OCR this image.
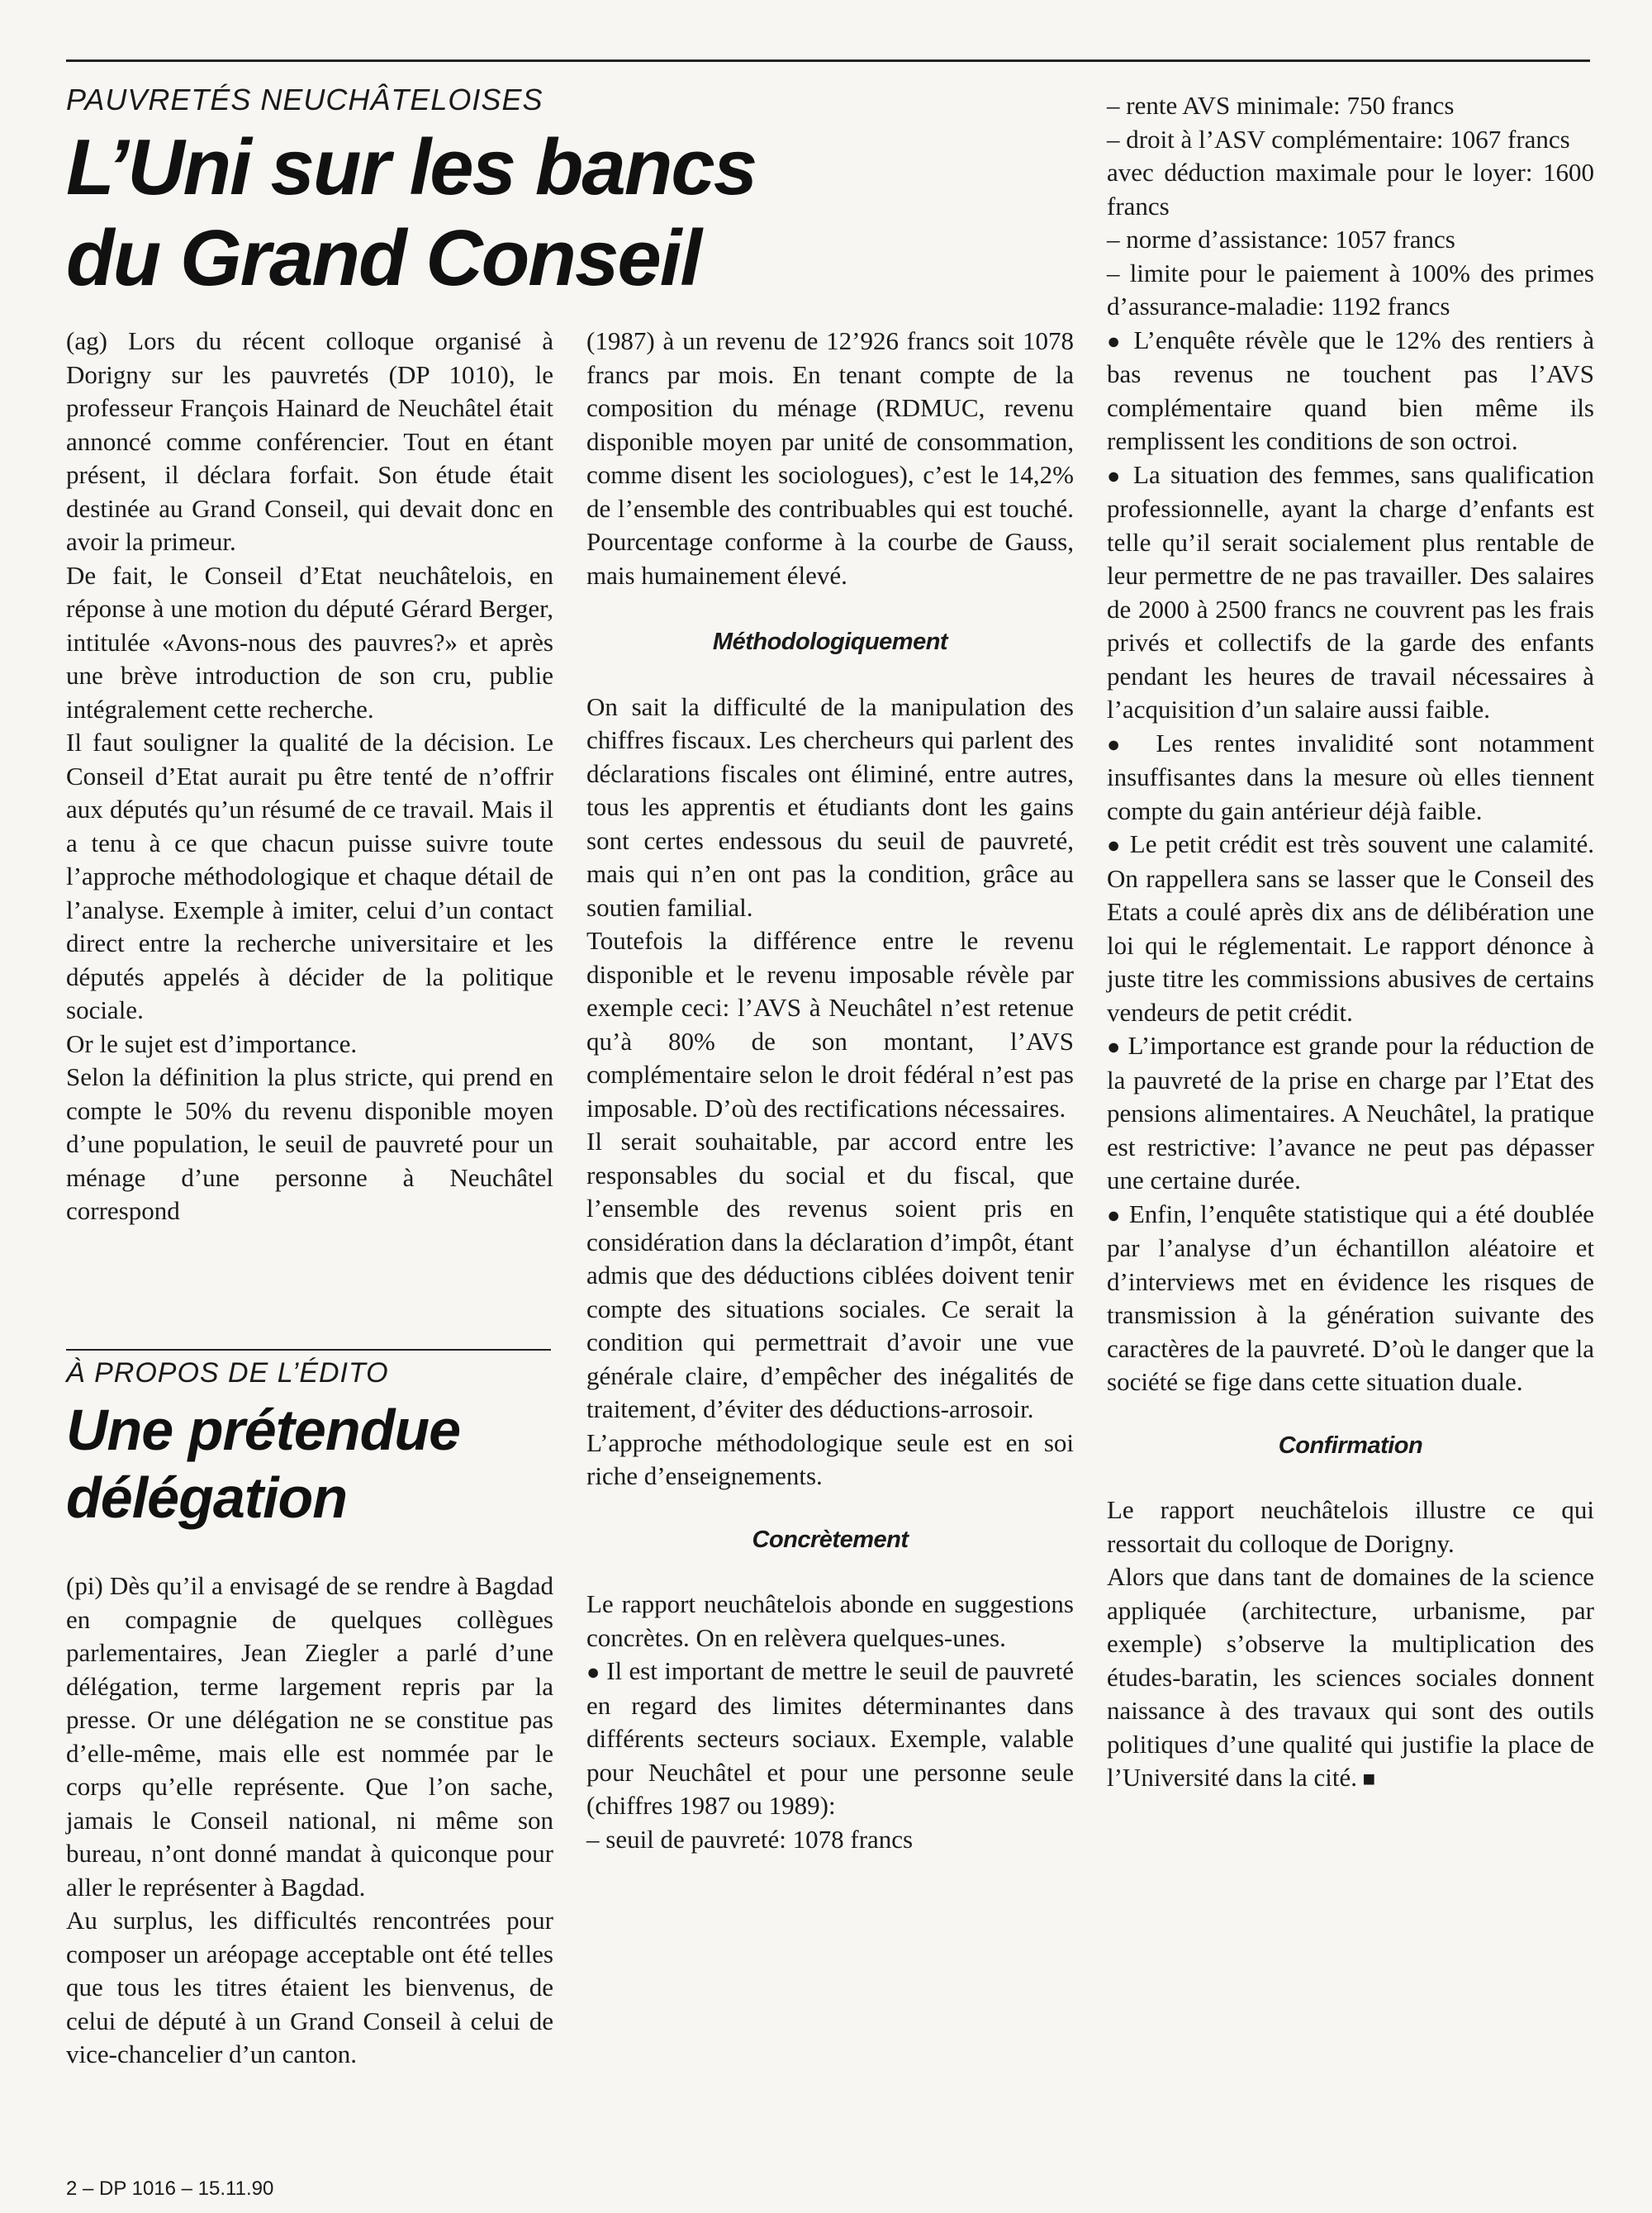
PAUVRETÉS NEUCHÂTELOISES

L’Uni sur les bancs
du Grand Conseil

(ag) Lors du récent colloque organisé à Dorigny sur les pauvretés (DP 1010), le professeur François Hainard de Neuchâtel était annoncé comme conférencier. Tout en étant présent, il déclara forfait. Son étude était destinée au Grand Conseil, qui devait donc en avoir la primeur.

De fait, le Conseil d’Etat neuchâtelois, en réponse à une motion du député Gérard Berger, intitulée «Avons-nous des pauvres?» et après une brève introduction de son cru, publie intégralement cette recherche.

Il faut souligner la qualité de la décision. Le Conseil d’Etat aurait pu être tenté de n’offrir aux députés qu’un résumé de ce travail. Mais il a tenu à ce que chacun puisse suivre toute l’approche méthodologique et chaque détail de l’analyse. Exemple à imiter, celui d’un contact direct entre la recherche universitaire et les députés appelés à décider de la politique sociale.

Or le sujet est d’importance.

Selon la définition la plus stricte, qui prend en compte le 50% du revenu disponible moyen d’une population, le seuil de pauvreté pour un ménage d’une personne à Neuchâtel correspond

À PROPOS DE L’ÉDITO

Une prétendue
délégation

(pi) Dès qu’il a envisagé de se rendre à Bagdad en compagnie de quelques collègues parlementaires, Jean Ziegler a parlé d’une délégation, terme largement repris par la presse. Or une délégation ne se constitue pas d’elle-même, mais elle est nommée par le corps qu’elle représente. Que l’on sache, jamais le Conseil national, ni même son bureau, n’ont donné mandat à quiconque pour aller le représenter à Bagdad.

Au surplus, les difficultés rencontrées pour composer un aréopage acceptable ont été telles que tous les titres étaient les bienvenus, de celui de député à un Grand Conseil à celui de vice-chancelier d’un canton.

(1987) à un revenu de 12’926 francs soit 1078 francs par mois. En tenant compte de la composition du ménage (RDMUC, revenu disponible moyen par unité de consommation, comme disent les sociologues), c’est le 14,2% de l’ensemble des contribuables qui est touché. Pourcentage conforme à la courbe de Gauss, mais humainement élevé.

Méthodologiquement

On sait la difficulté de la manipulation des chiffres fiscaux. Les chercheurs qui parlent des déclarations fiscales ont éliminé, entre autres, tous les apprentis et étudiants dont les gains sont certes endessous du seuil de pauvreté, mais qui n’en ont pas la condition, grâce au soutien familial.

Toutefois la différence entre le revenu disponible et le revenu imposable révèle par exemple ceci: l’AVS à Neuchâtel n’est retenue qu’à 80% de son montant, l’AVS complémentaire selon le droit fédéral n’est pas imposable. D’où des rectifications nécessaires.

Il serait souhaitable, par accord entre les responsables du social et du fiscal, que l’ensemble des revenus soient pris en considération dans la déclaration d’impôt, étant admis que des déductions ciblées doivent tenir compte des situations sociales. Ce serait la condition qui permettrait d’avoir une vue générale claire, d’empêcher des inégalités de traitement, d’éviter des déductions-arrosoir.

L’approche méthodologique seule est en soi riche d’enseignements.

Concrètement

Le rapport neuchâtelois abonde en suggestions concrètes. On en relèvera quelques-unes.

● Il est important de mettre le seuil de pauvreté en regard des limites déterminantes dans différents secteurs sociaux. Exemple, valable pour Neuchâtel et pour une personne seule (chiffres 1987 ou 1989):

– seuil de pauvreté: 1078 francs

– rente AVS minimale: 750 francs

– droit à l’ASV complémentaire: 1067 francs

avec déduction maximale pour le loyer: 1600 francs

– norme d’assistance: 1057 francs

– limite pour le paiement à 100% des primes d’assurance-maladie: 1192 francs

● L’enquête révèle que le 12% des rentiers à bas revenus ne touchent pas l’AVS complémentaire quand bien même ils remplissent les conditions de son octroi.

● La situation des femmes, sans qualification professionnelle, ayant la charge d’enfants est telle qu’il serait socialement plus rentable de leur permettre de ne pas travailler. Des salaires de 2000 à 2500 francs ne couvrent pas les frais privés et collectifs de la garde des enfants pendant les heures de travail nécessaires à l’acquisition d’un salaire aussi faible.

● Les rentes invalidité sont notamment insuffisantes dans la mesure où elles tiennent compte du gain antérieur déjà faible.

● Le petit crédit est très souvent une calamité. On rappellera sans se lasser que le Conseil des Etats a coulé après dix ans de délibération une loi qui le réglementait. Le rapport dénonce à juste titre les commissions abusives de certains vendeurs de petit crédit.

● L’importance est grande pour la réduction de la pauvreté de la prise en charge par l’Etat des pensions alimentaires. A Neuchâtel, la pratique est restrictive: l’avance ne peut pas dépasser une certaine durée.

● Enfin, l’enquête statistique qui a été doublée par l’analyse d’un échantillon aléatoire et d’interviews met en évidence les risques de transmission à la génération suivante des caractères de la pauvreté. D’où le danger que la société se fige dans cette situation duale.

Confirmation

Le rapport neuchâtelois illustre ce qui ressortait du colloque de Dorigny.

Alors que dans tant de domaines de la science appliquée (architecture, urbanisme, par exemple) s’observe la multiplication des études-baratin, les sciences sociales donnent naissance à des travaux qui sont des outils politiques d’une qualité qui justifie la place de l’Université dans la cité. ■

2 – DP 1016 – 15.11.90
